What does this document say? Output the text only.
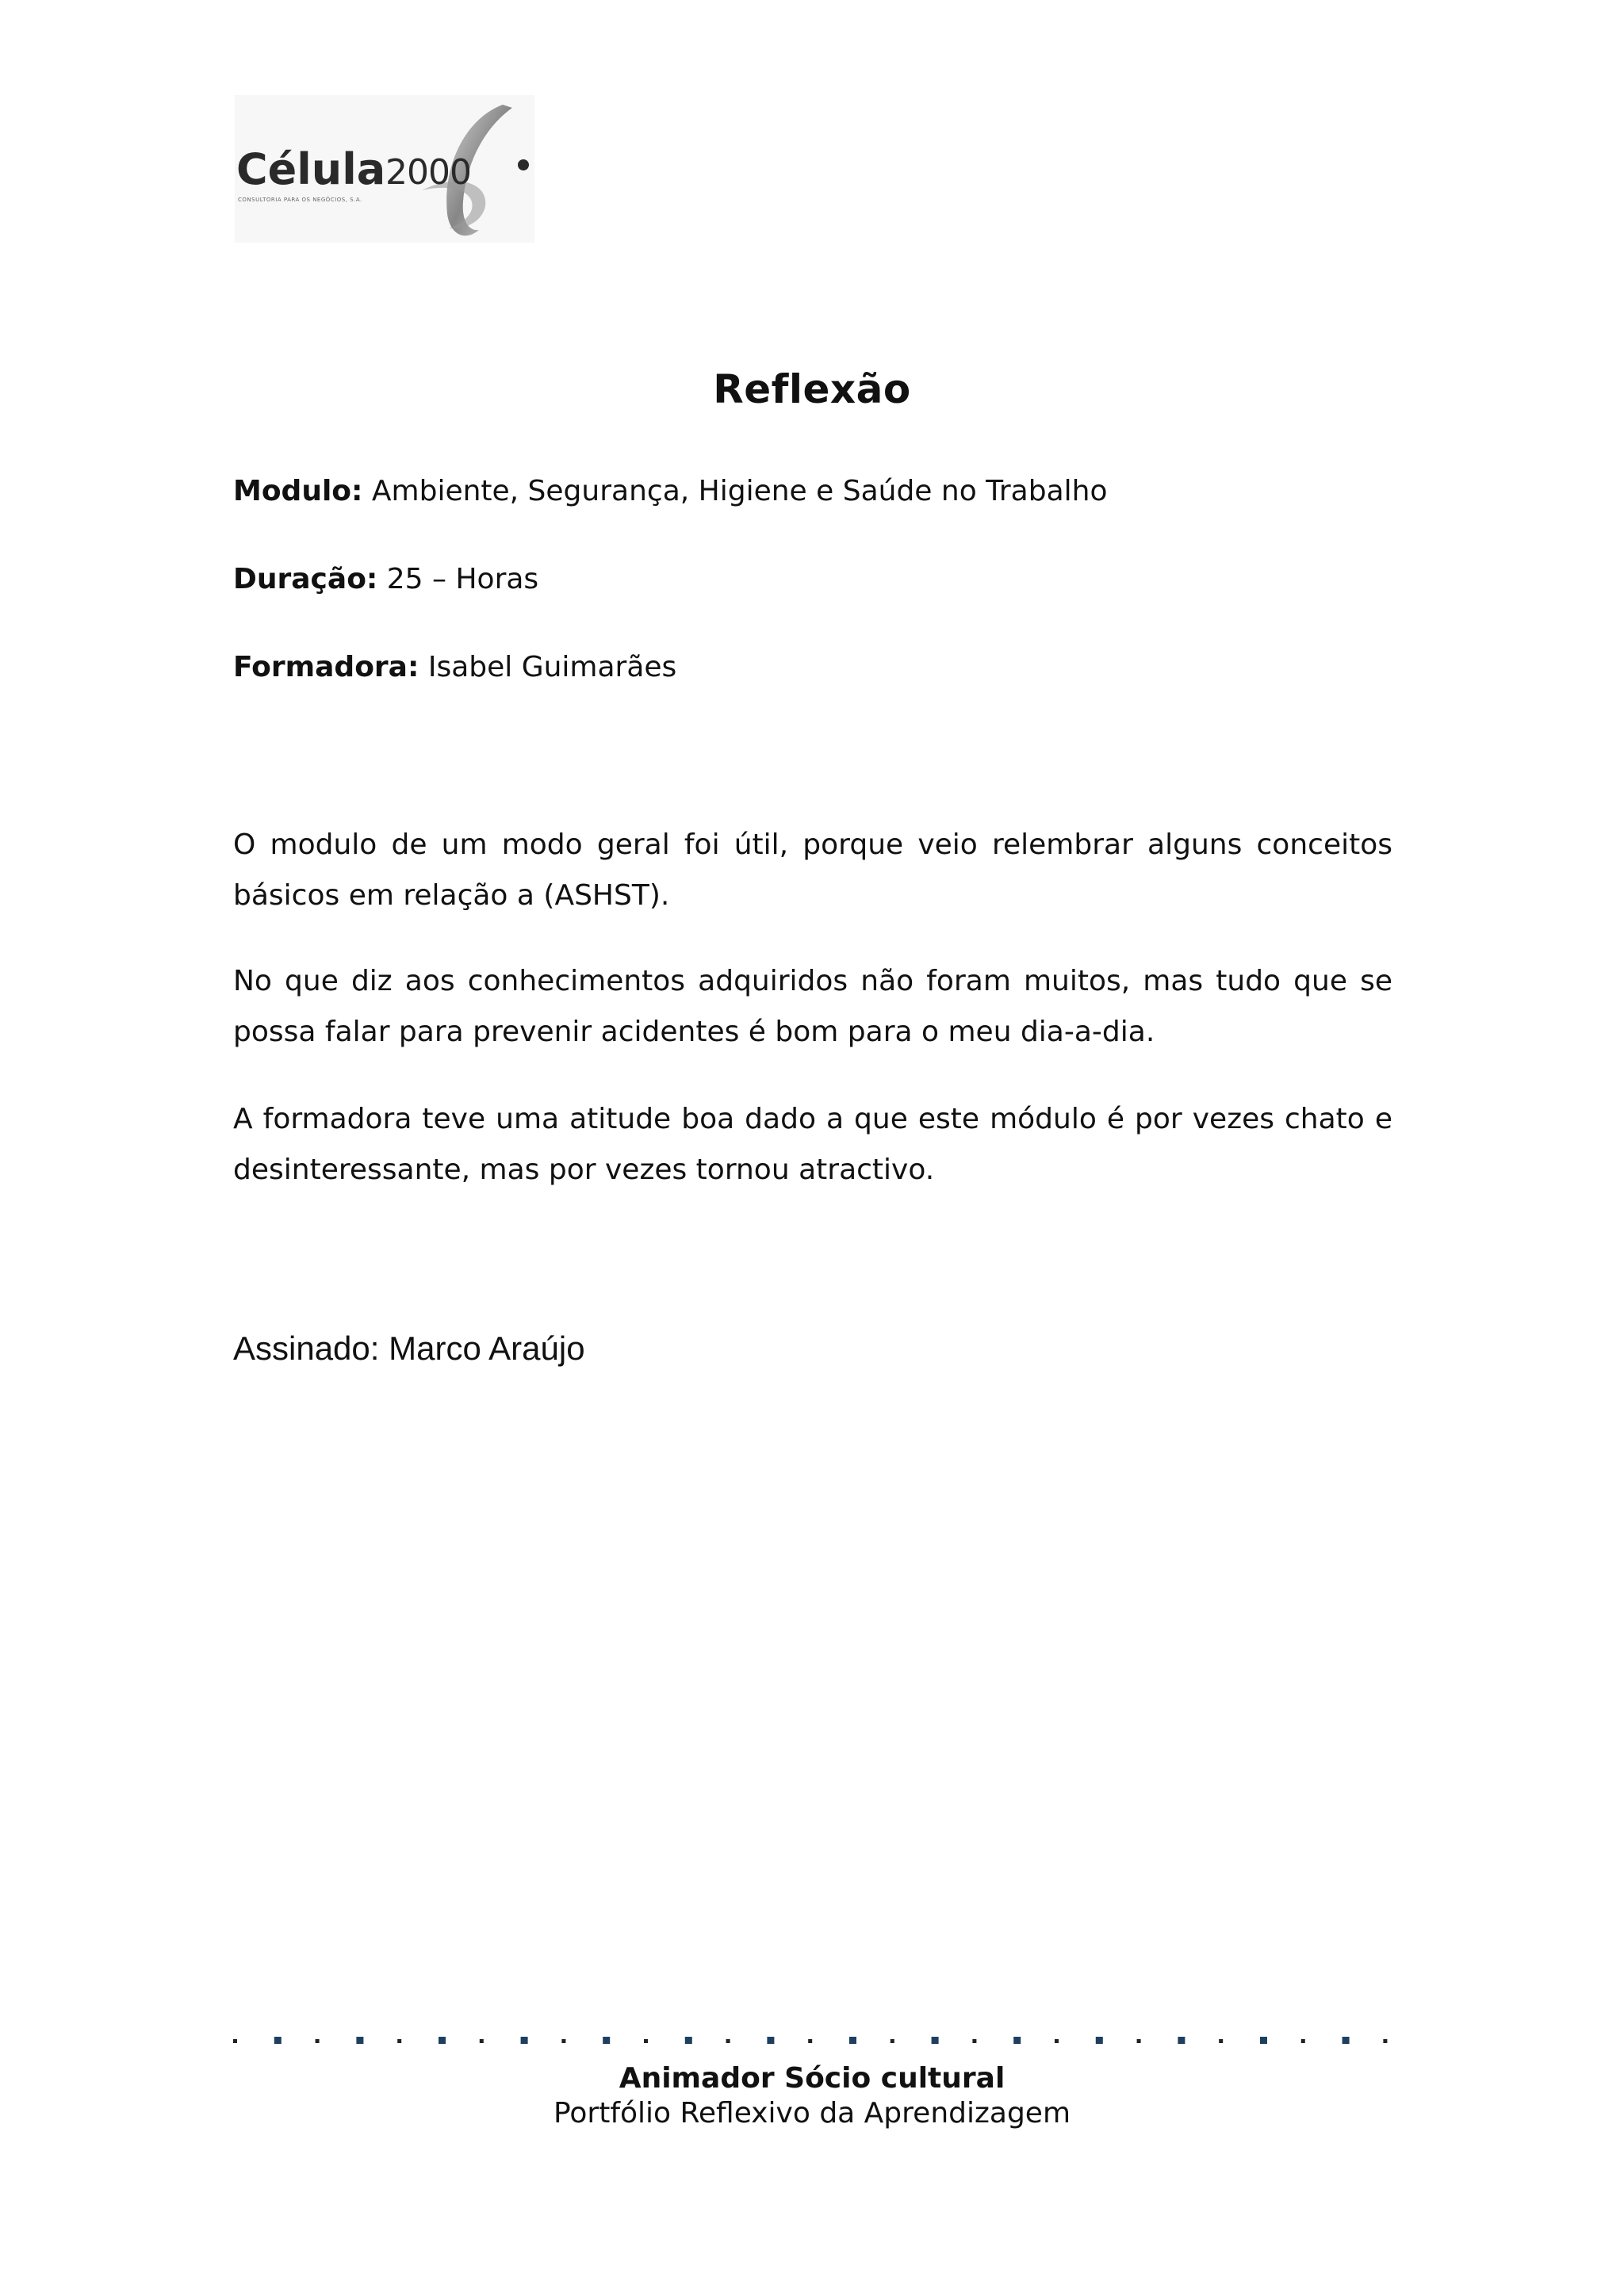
Célula 2000
CONSULTORIA PARA OS NEGÓCIOS, S.A.
Reflexão
Modulo: Ambiente, Segurança, Higiene e Saúde no Trabalho
Duração: 25 – Horas
Formadora: Isabel Guimarães

O modulo de um modo geral foi útil, porque veio relembrar alguns conceitos básicos em relação a (ASHST).

No que diz aos conhecimentos adquiridos não foram muitos, mas tudo que se possa falar para prevenir acidentes é bom para o meu dia-a-dia.

A formadora teve uma atitude boa dado a que este módulo é por vezes chato e desinteressante, mas por vezes tornou atractivo.

Assinado: Marco Araújo
Animador Sócio cultural
Portfólio Reflexivo da Aprendizagem
